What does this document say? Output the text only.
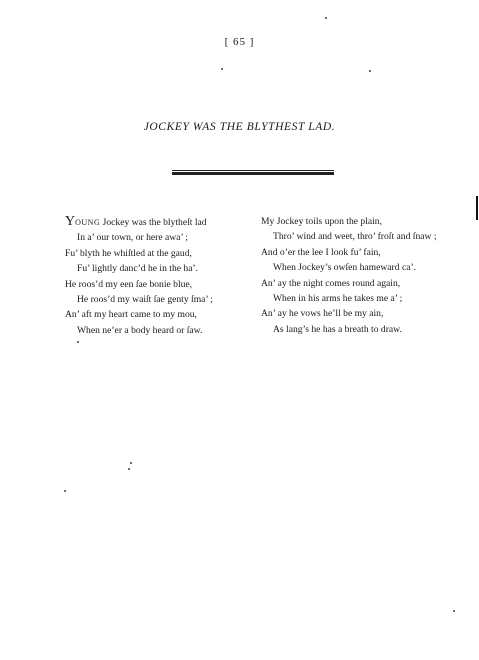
[ 65 ]
JOCKEY WAS THE BLYTHEST LAD.
YOUNG Jockey was the blytheſt lad
In a’ our town, or here awa’ ;
Fu’ blyth he whiſtled at the gaud,
Fu’ lightly danc’d he in the ha’.
He roos’d my een ſae bonie blue,
He roos’d my waiſt ſae genty ſma’ ;
An’ aft my heart came to my mou,
When ne’er a body heard or ſaw.
My Jockey toils upon the plain,
Thro’ wind and weet, thro’ froſt and ſnaw ;
And o’er the lee I look fu’ fain,
When Jockey’s owſen hameward ca’.
An’ ay the night comes round again,
When in his arms he takes me a’ ;
An’ ay he vows he’ll be my ain,
As lang’s he has a breath to draw.
